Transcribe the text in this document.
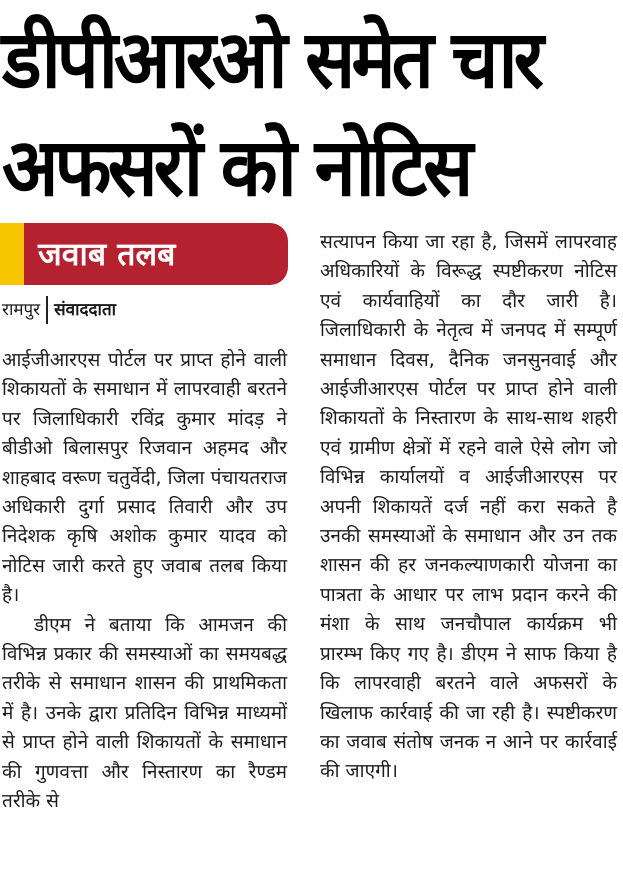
डीपीआरओ समेत चार
अफसरों को नोटिस
जवाब तलब
रामपुर संवाददाता

आईजीआरएस पोर्टल पर प्राप्त होने वाली शिकायतों के समाधान में लापरवाही बरतने पर जिलाधिकारी रविंद्र कुमार मांदड़ ने बीडीओ बिलासपुर रिजवान अहमद और शाहबाद वरूण चतुर्वेदी, जिला पंचायतराज अधिकारी दुर्गा प्रसाद तिवारी और उप निदेशक कृषि अशोक कुमार यादव को नोटिस जारी करते हुए जवाब तलब किया है।

डीएम ने बताया कि आमजन की विभिन्न प्रकार की समस्याओं का समयबद्ध तरीके से समाधान शासन की प्राथमिकता में है। उनके द्वारा प्रतिदिन विभिन्न माध्यमों से प्राप्त होने वाली शिकायतों के समाधान की गुणवत्ता और निस्तारण का रैण्डम तरीके से

सत्यापन किया जा रहा है, जिसमें लापरवाह अधिकारियों के विरूद्ध स्पष्टीकरण नोटिस एवं कार्यवाहियों का दौर जारी है। जिलाधिकारी के नेतृत्व में जनपद में सम्पूर्ण समाधान दिवस, दैनिक जनसुनवाई और आईजीआरएस पोर्टल पर प्राप्त होने वाली शिकायतों के निस्तारण के साथ-साथ शहरी एवं ग्रामीण क्षेत्रों में रहने वाले ऐसे लोग जो विभिन्न कार्यालयों व आईजीआरएस पर अपनी शिकायतें दर्ज नहीं करा सकते है उनकी समस्याओं के समाधान और उन तक शासन की हर जनकल्याणकारी योजना का पात्रता के आधार पर लाभ प्रदान करने की मंशा के साथ जनचौपाल कार्यक्रम भी प्रारम्भ किए गए है। डीएम ने साफ किया है कि लापरवाही बरतने वाले अफसरों के खिलाफ कार्रवाई की जा रही है। स्पष्टीकरण का जवाब संतोष जनक न आने पर कार्रवाई की जाएगी।
